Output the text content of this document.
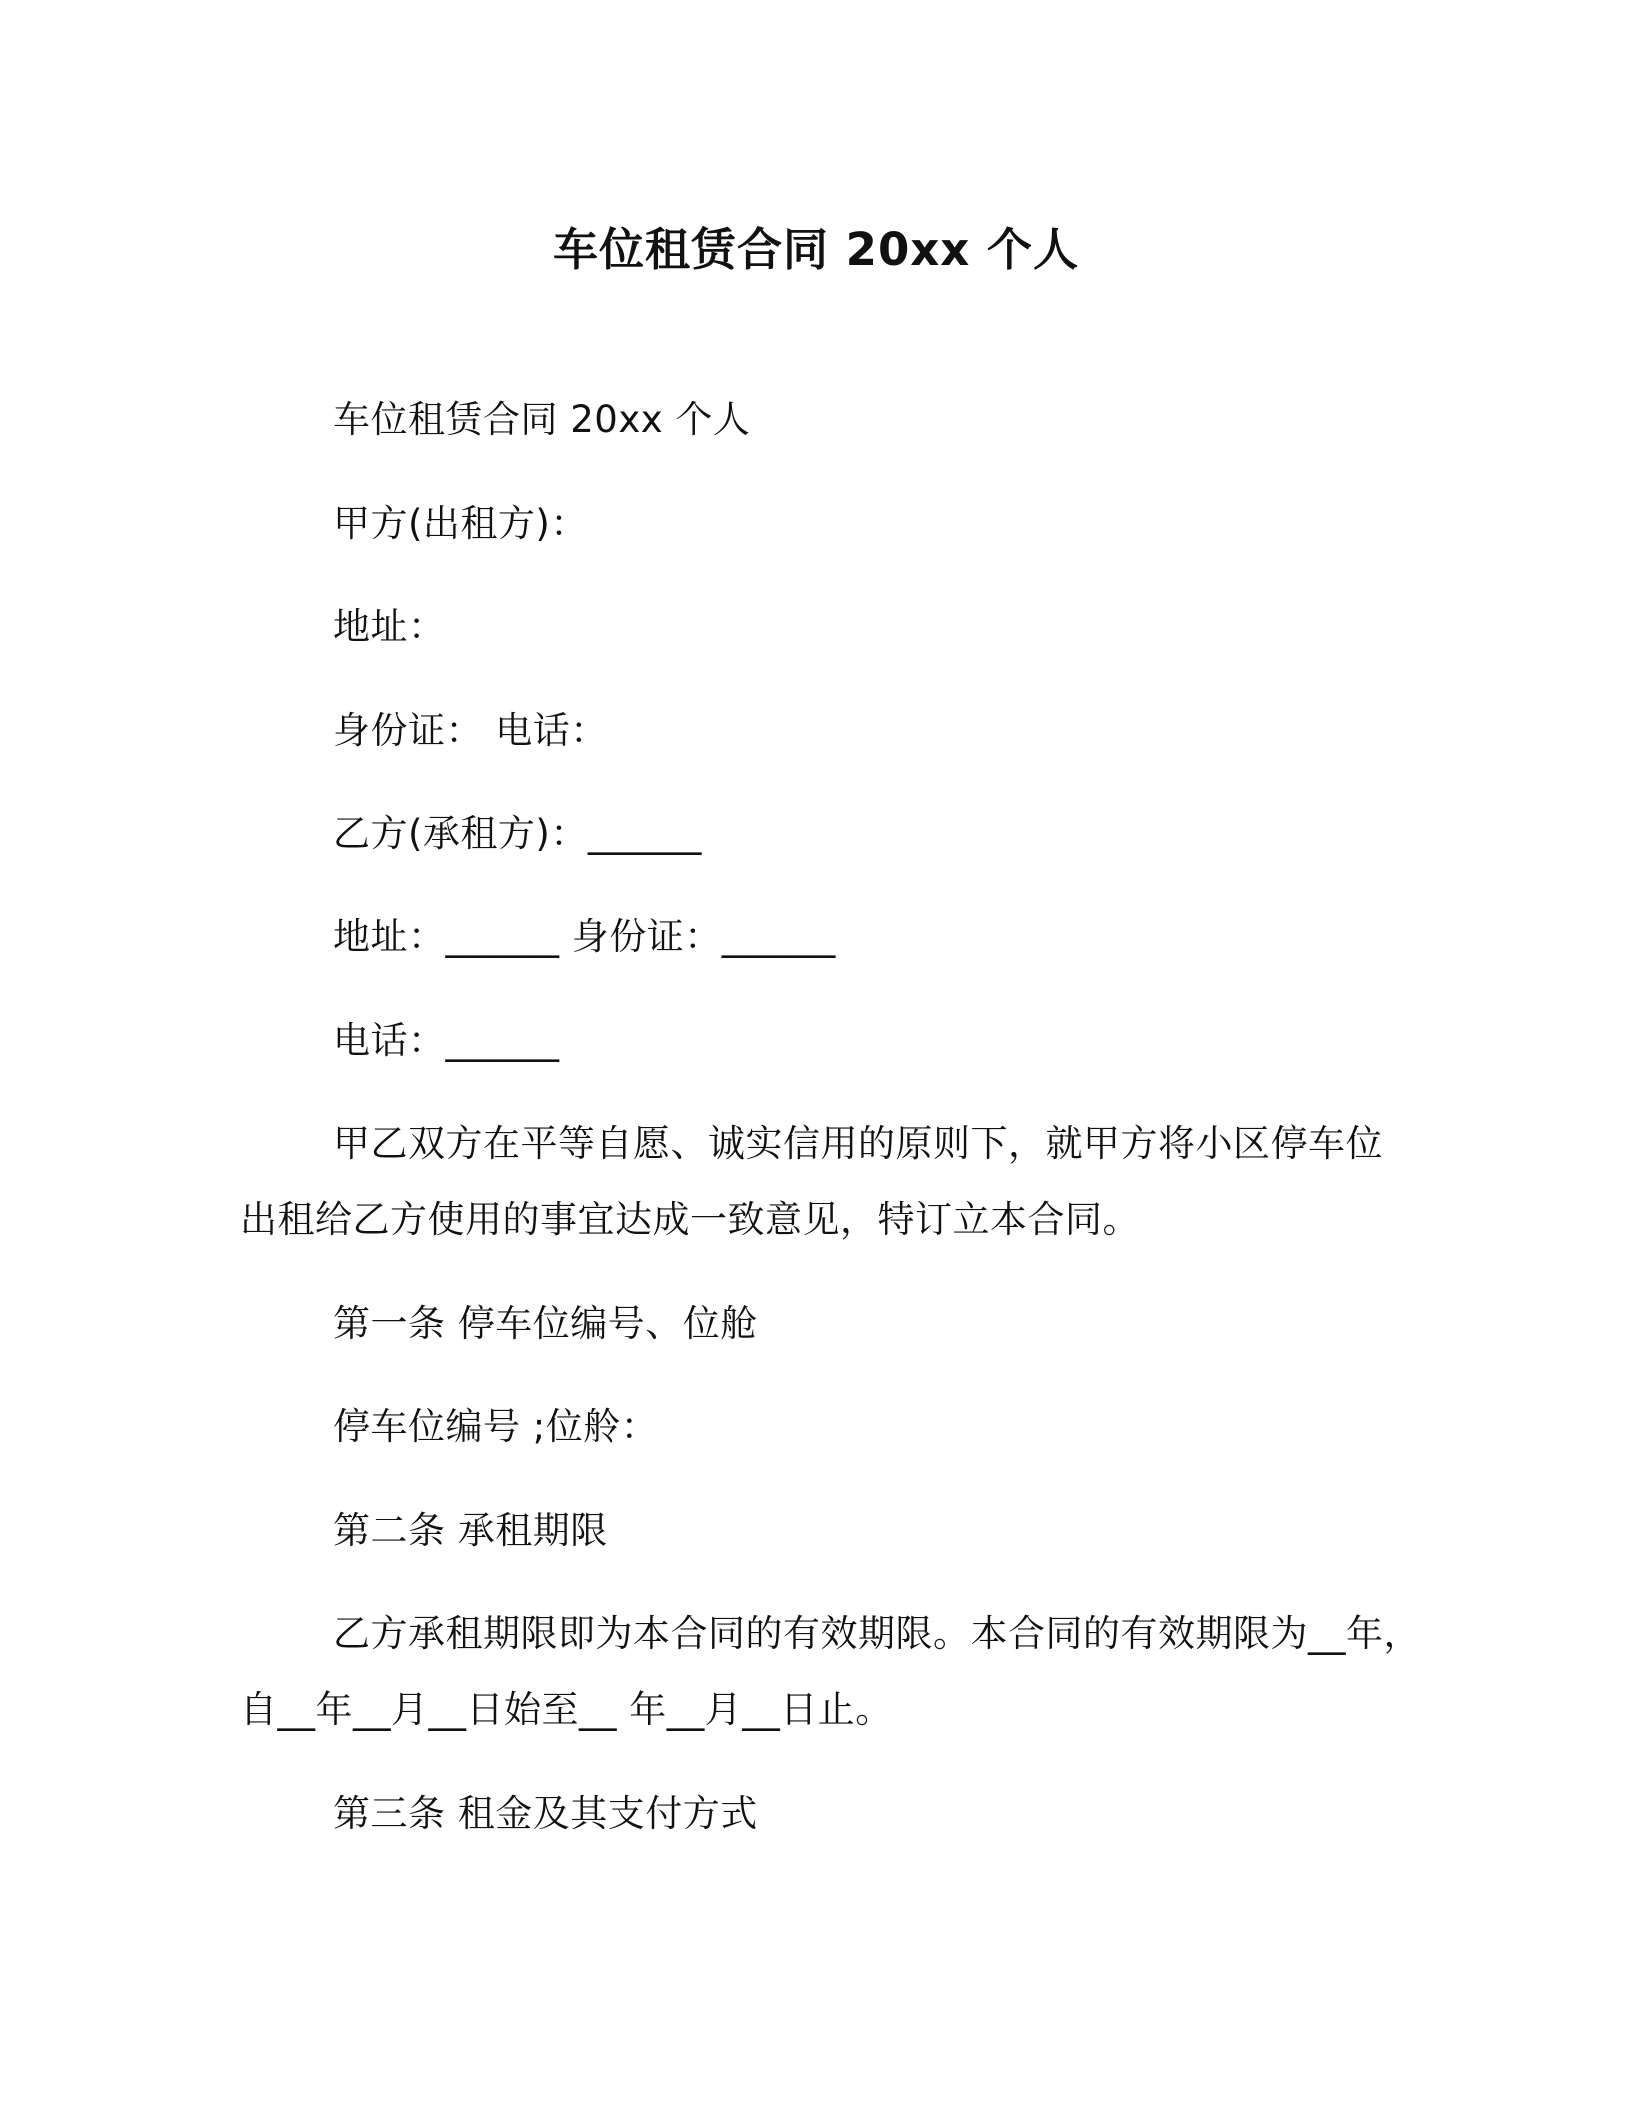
车位租赁合同 20xx 个人
车位租赁合同 20xx 个人
甲方(出租方)：
地址：
身份证： 电话：
乙方(承租方)：______
地址：______ 身份证：______
电话：______
甲乙双方在平等自愿、诚实信用的原则下，就甲方将小区停车位
出租给乙方使用的事宜达成一致意见，特订立本合同。
第一条 停车位编号、位舱
停车位编号 ;位舲：
第二条 承租期限
乙方承租期限即为本合同的有效期限。本合同的有效期限为__年，
自__年__月__日始至__ 年__月__日止。
第三条 租金及其支付方式
